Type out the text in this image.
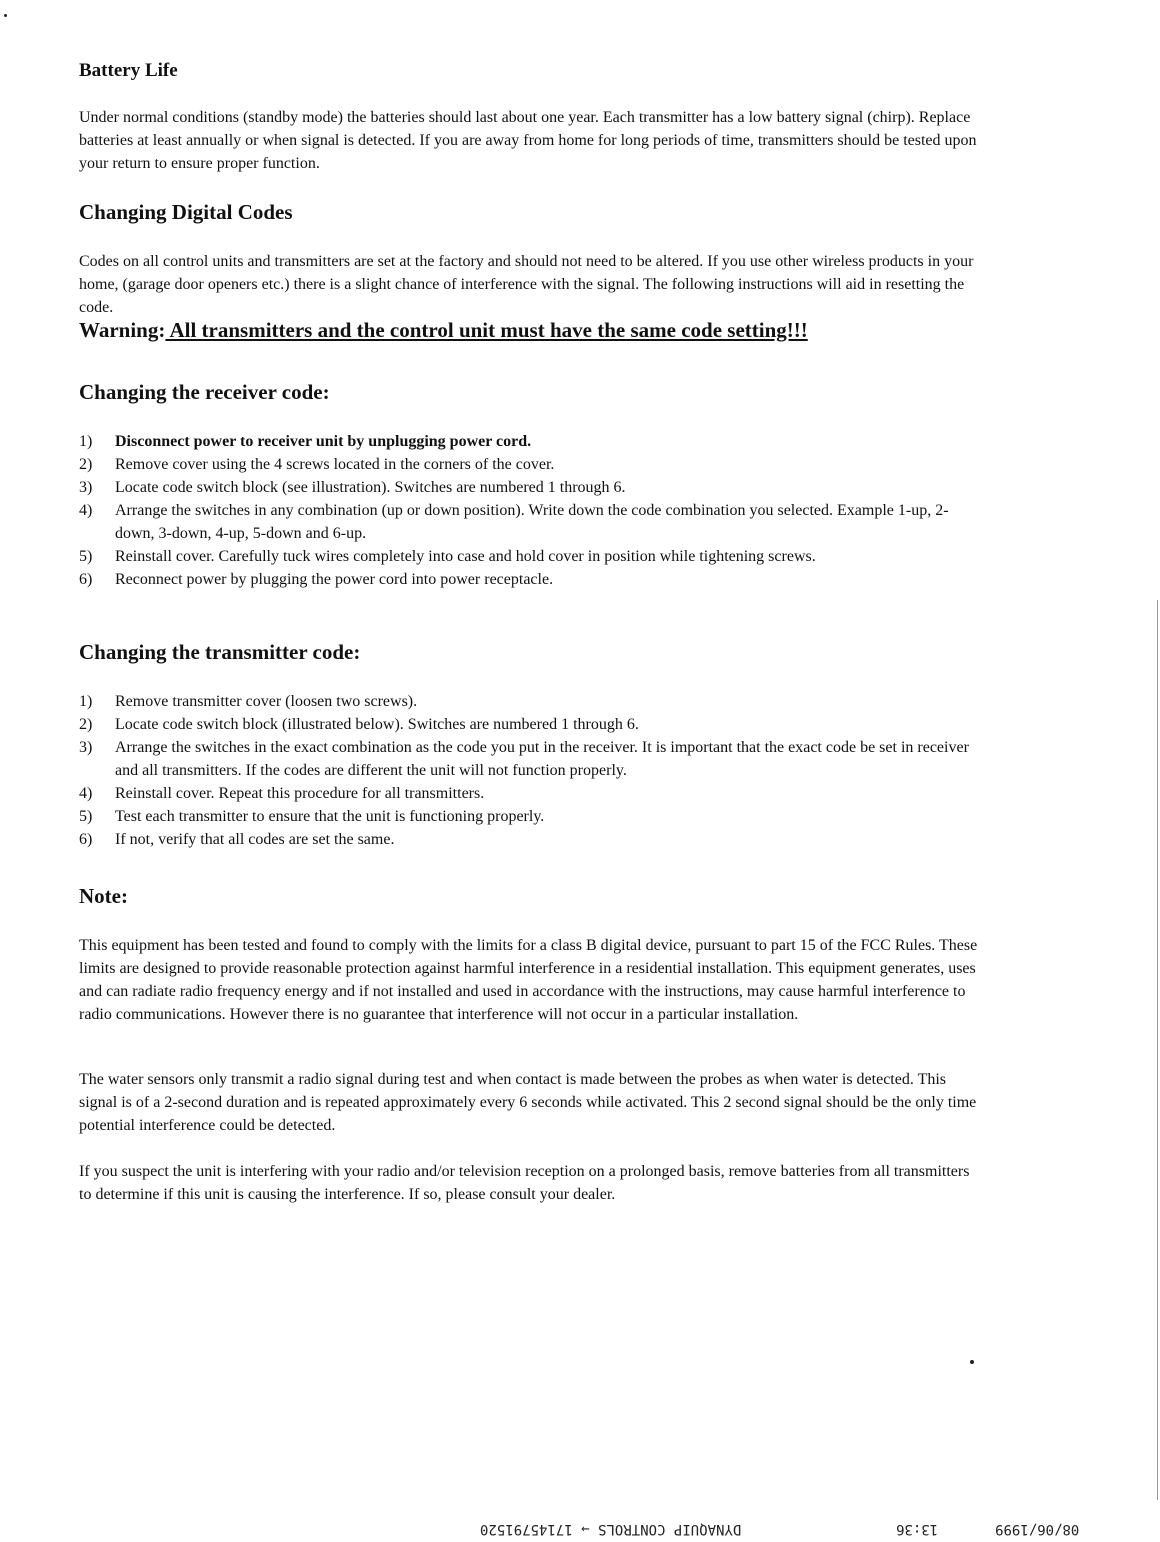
Battery Life

Under normal conditions (standby mode) the batteries should last about one year. Each transmitter has a low battery signal (chirp). Replace batteries at least annually or when signal is detected. If you are away from home for long periods of time, transmitters should be tested upon your return to ensure proper function.

Changing Digital Codes

Codes on all control units and transmitters are set at the factory and should not need to be altered. If you use other wireless products in your home, (garage door openers etc.) there is a slight chance of interference with the signal. The following instructions will aid in resetting the code.

Warning: All transmitters and the control unit must have the same code setting!!!
Changing the receiver code:
1)	Disconnect power to receiver unit by unplugging power cord.
2)	Remove cover using the 4 screws located in the corners of the cover.
3)	Locate code switch block (see illustration). Switches are numbered 1 through 6.
4)	Arrange the switches in any combination (up or down position). Write down the code combination you selected. Example 1-up, 2-down, 3-down, 4-up, 5-down and 6-up.
5)	Reinstall cover. Carefully tuck wires completely into case and hold cover in position while tightening screws.
6)	Reconnect power by plugging the power cord into power receptacle.
Changing the transmitter code:
1)	Remove transmitter cover (loosen two screws).
2)	Locate code switch block (illustrated below). Switches are numbered 1 through 6.
3)	Arrange the switches in the exact combination as the code you put in the receiver. It is important that the exact code be set in receiver and all transmitters. If the codes are different the unit will not function properly.
4)	Reinstall cover. Repeat this procedure for all transmitters.
5)	Test each transmitter to ensure that the unit is functioning properly.
6)	If not, verify that all codes are set the same.
Note:

This equipment has been tested and found to comply with the limits for a class B digital device, pursuant to part 15 of the FCC Rules. These limits are designed to provide reasonable protection against harmful interference in a residential installation. This equipment generates, uses and can radiate radio frequency energy and if not installed and used in accordance with the instructions, may cause harmful interference to radio communications. However there is no guarantee that interference will not occur in a particular installation.

The water sensors only transmit a radio signal during test and when contact is made between the probes as when water is detected. This signal is of a 2-second duration and is repeated approximately every 6 seconds while activated. This 2 second signal should be the only time potential interference could be detected.

If you suspect the unit is interfering with your radio and/or television reception on a prolonged basis, remove batteries from all transmitters to determine if this unit is causing the interference. If so, please consult your dealer.

08/06/1999
13:36
DYNAQUIP CONTROLS → 17145791520
